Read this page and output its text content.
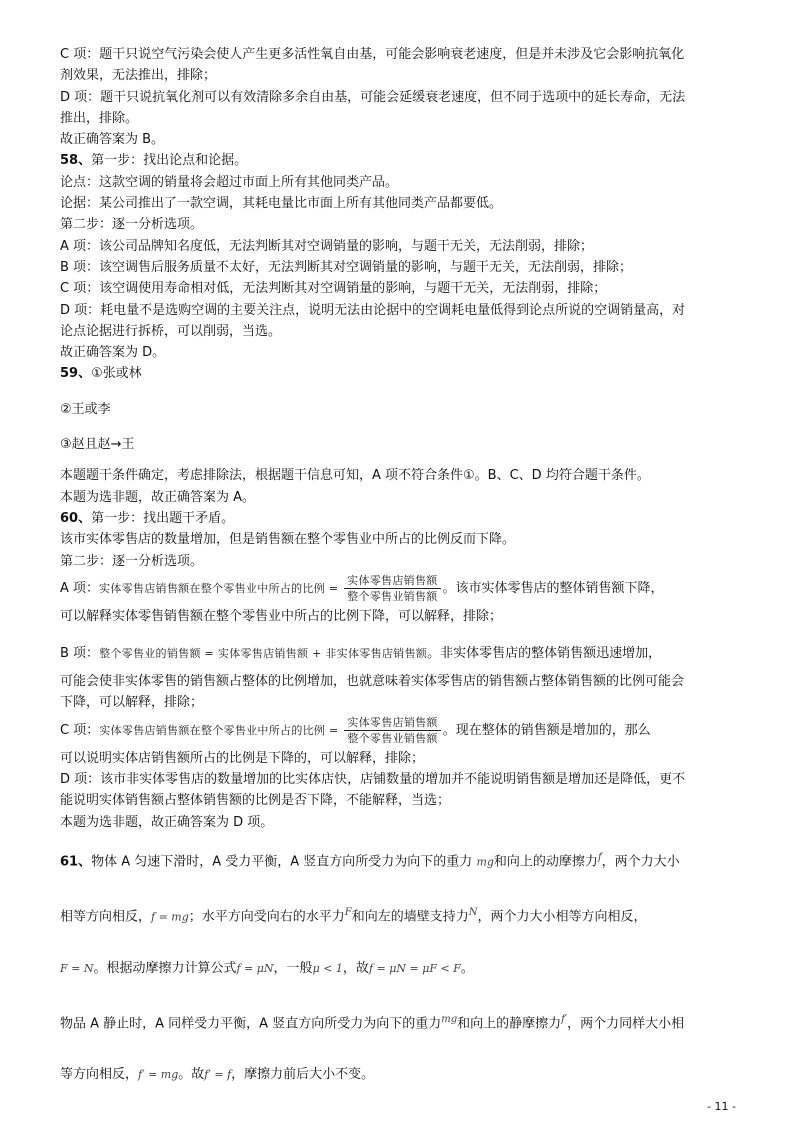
C 项：题干只说空气污染会使人产生更多活性氧自由基，可能会影响衰老速度，但是并未涉及它会影响抗氧化

剂效果，无法推出，排除；

D 项：题干只说抗氧化剂可以有效清除多余自由基，可能会延缓衰老速度，但不同于选项中的延长寿命，无法

推出，排除。

故正确答案为 B。

58、第一步：找出论点和论据。

论点：这款空调的销量将会超过市面上所有其他同类产品。

论据：某公司推出了一款空调，其耗电量比市面上所有其他同类产品都要低。

第二步：逐一分析选项。

A 项：该公司品牌知名度低，无法判断其对空调销量的影响，与题干无关，无法削弱，排除；

B 项：该空调售后服务质量不太好，无法判断其对空调销量的影响，与题干无关，无法削弱，排除；

C 项：该空调使用寿命相对低，无法判断其对空调销量的影响，与题干无关，无法削弱，排除；

D 项：耗电量不是选购空调的主要关注点，说明无法由论据中的空调耗电量低得到论点所说的空调销量高，对

论点论据进行拆桥，可以削弱，当选。

故正确答案为 D。

59、①张或林

②王或李

③赵且赵→王

本题题干条件确定，考虑排除法，根据题干信息可知，A 项不符合条件①。B、C、D 均符合题干条件。

本题为选非题，故正确答案为 A。

60、第一步：找出题干矛盾。

该市实体零售店的数量增加，但是销售额在整个零售业中所占的比例反而下降。

第二步：逐一分析选项。

A 项：实体零售店销售额在整个零售业中所占的比例 = $\frac{\text{实体零售店销售额}}{\text{整个零售业销售额}}$ 。该市实体零售店的整体销售额下降，

可以解释实体零售销售额在整个零售业中所占的比例下降，可以解释，排除；

B 项：整个零售业的销售额 = 实体零售店销售额 + 非实体零售店销售额。非实体零售店的整体销售额迅速增加，

可能会使非实体零售的销售额占整体的比例增加，也就意味着实体零售店的销售额占整体销售额的比例可能会

下降，可以解释，排除；

C 项：实体零售店销售额在整个零售业中所占的比例 = $\frac{\text{实体零售店销售额}}{\text{整个零售业销售额}}$ 。现在整体的销售额是增加的，那么

可以说明实体店销售额所占的比例是下降的，可以解释，排除；

D 项：该市非实体零售店的数量增加的比实体店快，店铺数量的增加并不能说明销售额是增加还是降低，更不

能说明实体销售额占整体销售额的比例是否下降，不能解释，当选；

本题为选非题，故正确答案为 D 项。

61、物体 A 匀速下滑时，A 受力平衡，A 竖直方向所受力为向下的重力 mg和向上的动摩擦力$^f$，两个力大小

相等方向相反，f = mg；水平方向受向右的水平力$^F$和向左的墙壁支持力$^N$，两个力大小相等方向相反，

F = N。根据动摩擦力计算公式f = μN，一般μ < 1，故f = μN = μF < F。

物品 A 静止时，A 同样受力平衡，A 竖直方向所受力为向下的重力$^{mg}$和向上的静摩擦力$^{f'}$，两个力同样大小相

等方向相反，f′ = mg。故f′ = f，摩擦力前后大小不变。

- 11 -
